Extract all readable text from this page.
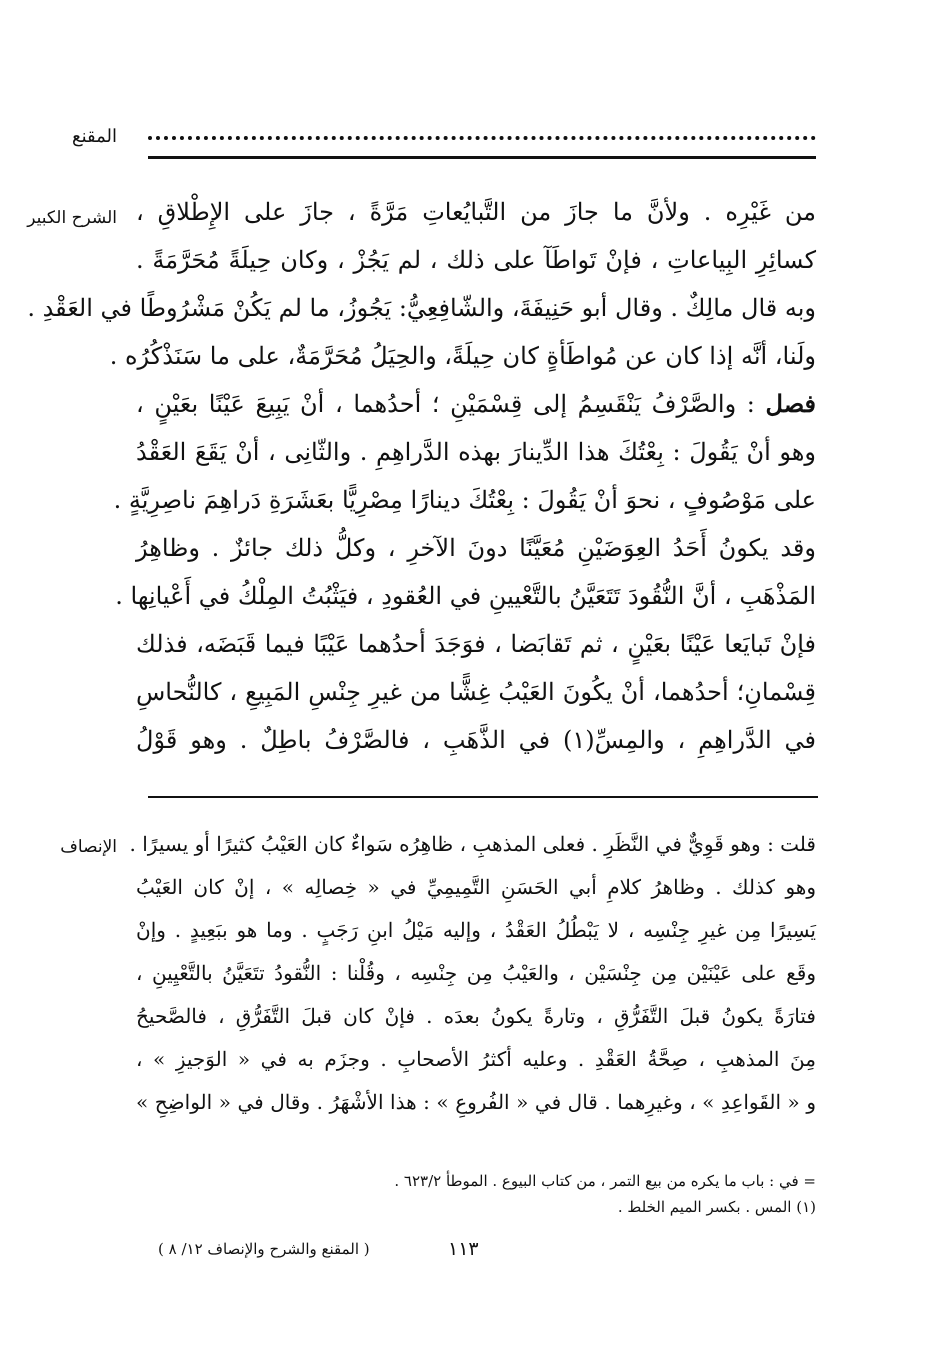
المقنع
الشرح الكبير
الإنصاف
من غَيْرِه . ولأنَّ ما جازَ من التَّبايُعاتِ مَرَّةً ، جازَ على الإِطْلاقِ ،
كسائِرِ البِياعاتِ ، فإنْ تَواطَآ على ذلك ، لم يَجُزْ ، وكان حِيلَةً مُحَرَّمَةً .
وبه قال مالِكٌ . وقال أبو حَنِيفَةَ، والشّافِعِيُّ: يَجُوزُ، ما لم يَكُنْ مَشْرُوطًا في العَقْدِ .
ولَنا، أنَّه إذا كان عن مُواطَأةٍ كان حِيلَةً، والحِيَلُ مُحَرَّمَةٌ، على ما سَنَذْكُرُه .
فصل : والصَّرْفُ يَنْقَسِمُ إلى قِسْمَيْنِ ؛ أحدُهما ، أنْ يَبِيعَ عَيْنًا بعَيْنٍ ،
وهو أنْ يَقُولَ : بِعْتُكَ هذا الدِّينارَ بهذه الدَّراهِمِ . والثّانِى ، أنْ يَقَعَ العَقْدُ
على مَوْصُوفٍ ، نحوَ أنْ يَقُولَ : بِعْتُكَ دينارًا مِصْرِيًّا بعَشَرَةِ دَراهِمَ ناصِرِيَّةٍ .
وقد يكونُ أَحَدُ العِوَضَيْنِ مُعَيَّنًا دونَ الآخرِ ، وكلُّ ذلك جائزٌ . وظاهِرُ
المَذْهَبِ ، أنَّ النُّقُودَ تَتَعَيَّنُ بالتَّعْيينِ في العُقودِ ، فيَثْبُتُ المِلْكُ في أَعْيانِها .
فإنْ تَبايَعا عَيْنًا بعَيْنٍ ، ثم تَقابَضا ، فوَجَدَ أحدُهما عَيْبًا فيما قَبَضَه، فذلك
قِسْمانِ؛ أحدُهما، أنْ يكُونَ العَيْبُ غِشًّا من غيرِ جِنْسِ المَبِيعِ ، كالنُّحاسِ
في الدَّراهِمِ ، والمِسِّ(١) في الذَّهَبِ ، فالصَّرْفُ باطِلٌ . وهو قَوْلُ
قلت : وهو قَوِيٌّ في النَّظَرِ . فعلى المذهبِ ، ظاهِرُه سَواءٌ كان العَيْبُ كثيرًا أو يسيرًا .
وهو كذلك . وظاهرُ كلامِ أبي الحَسَنِ التَّمِيمِيِّ في « خِصالِه » ، إنْ كان العَيْبُ
يَسِيرًا مِن غيرِ جِنْسِه ، لا يَبْطُلُ العَقْدُ ، وإليه مَيْلُ ابنِ رَجَبٍ . وما هو ببَعِيدٍ . وإنْ
وقَع على عَيْنَيْن مِن جِنْسَيْن ، والعَيْبُ مِن جِنْسِه ، وقُلْنا : النُّقودُ تتَعَيَّنُ بالتَّعْيِينِ ،
فتارَةً يكونُ قبلَ التَّفَرُّقِ ، وتارةً يكونُ بعدَه . فإنْ كان قبلَ التَّفَرُّقِ ، فالصَّحيحُ
مِنَ المذهبِ ، صِحَّةُ العَقْدِ . وعليه أكثرُ الأصحابِ . وجزَم به في « الوَجيزِ » ،
و « القَواعِدِ » ، وغيرِهما . قال في « الفُروعِ » : هذا الأشْهَرُ . وقال في « الواضِحِ »
= في : باب ما يكره من بيع التمر ، من كتاب البيوع . الموطأ ٦٢٣/٢ .
(١) المس . بكسر الميم الخلط .
١١٣
( المقنع والشرح والإنصاف ١٢/ ٨ )
